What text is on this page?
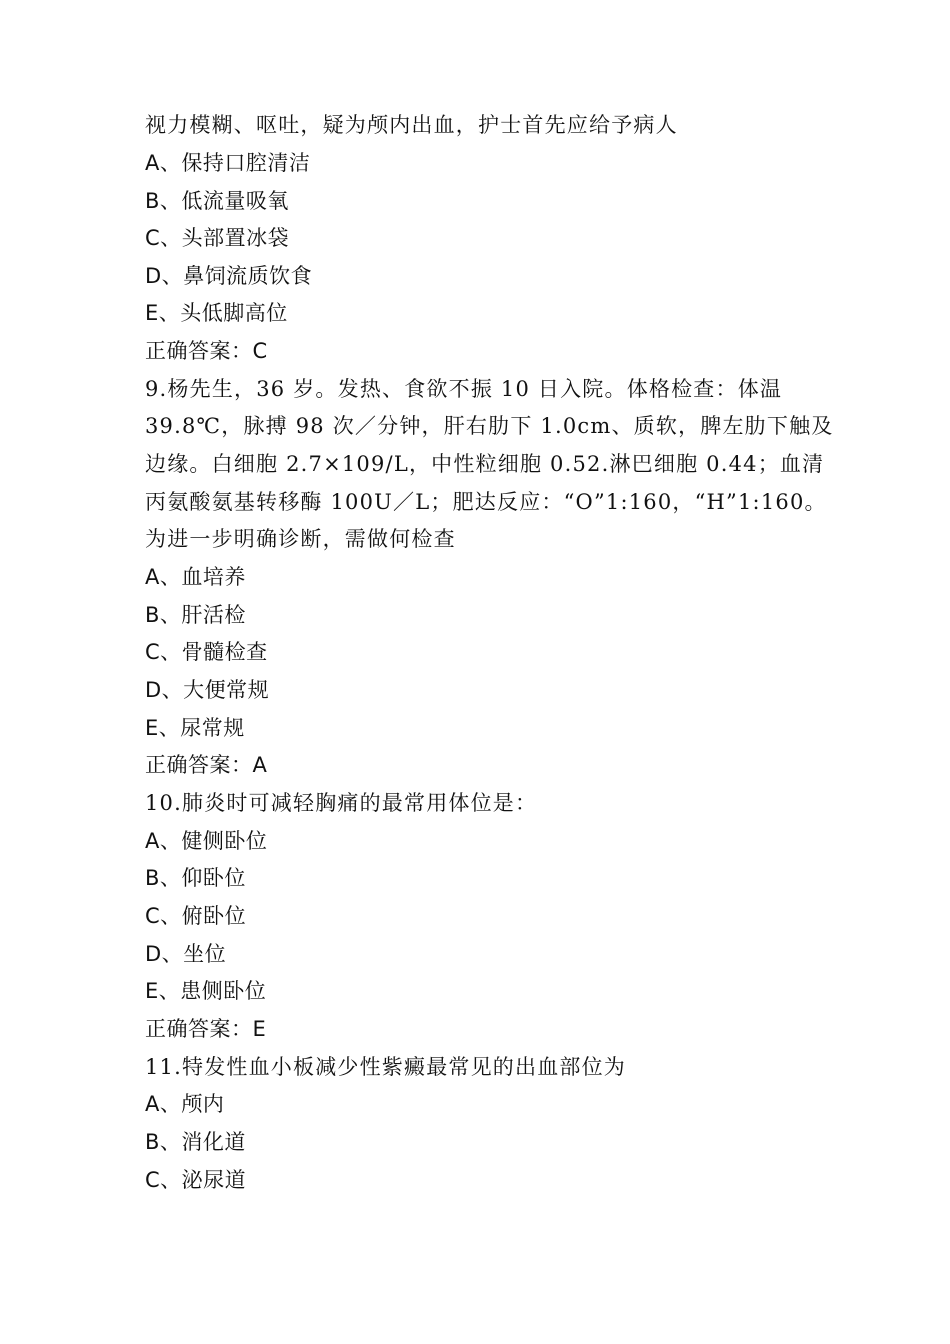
视力模糊、呕吐，疑为颅内出血，护士首先应给予病人
A、保持口腔清洁
B、低流量吸氧
C、头部置冰袋
D、鼻饲流质饮食
E、头低脚高位
正确答案：C
9.杨先生，36 岁。发热、食欲不振 10 日入院。体格检查：体温
39.8℃，脉搏 98 次／分钟，肝右肋下 1.0cm、质软，脾左肋下触及
边缘。白细胞 2.7×109/L，中性粒细胞 0.52.淋巴细胞 0.44；血清
丙氨酸氨基转移酶 100U／L；肥达反应：“O”1:160，“H”1:160。
为进一步明确诊断，需做何检查
A、血培养
B、肝活检
C、骨髓检查
D、大便常规
E、尿常规
正确答案：A
10.肺炎时可减轻胸痛的最常用体位是：
A、健侧卧位
B、仰卧位
C、俯卧位
D、坐位
E、患侧卧位
正确答案：E
11.特发性血小板减少性紫癜最常见的出血部位为
A、颅内
B、消化道
C、泌尿道
